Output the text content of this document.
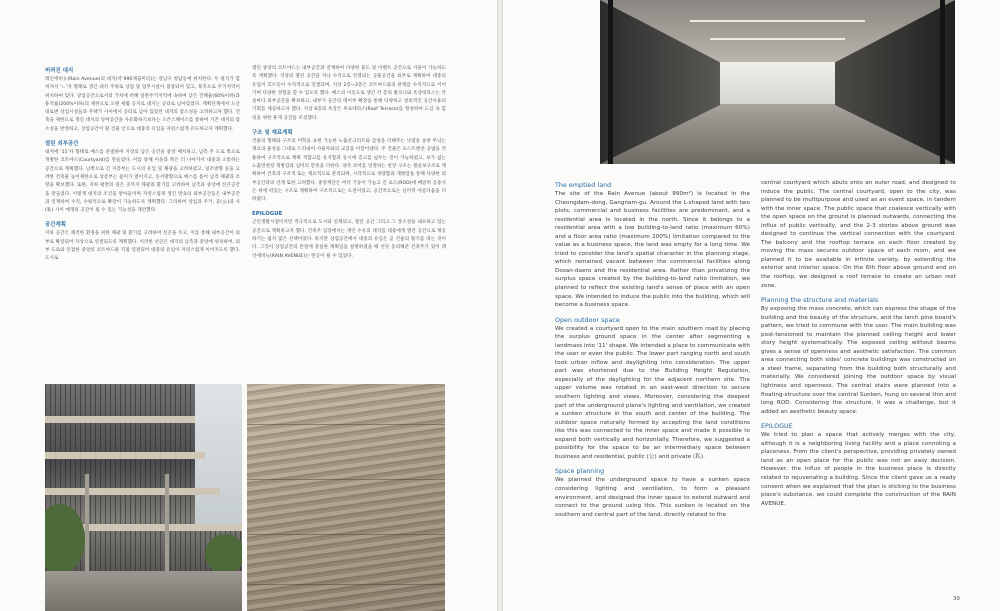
버려진 대지
레인에비뉴(Rain Avenue)의 대지(약 990제곱미터)는 강남구 청담동에 위치한다. 두 필지가 합쳐져서 'ㄴ'자 형태로 생긴 대지 주위로 상업 및 업무시설이 집중되어 있고, 북측으로 주거지역이 위치하여 있다. 상업공간으로서의 가치에 비해 일반주거지역에 속하여 낮은 건폐율(60%이하)과 용적률(200%이하)의 제한으로 오랜 세월 공지로 대지는 공터로 남아있었다. 계획단계에서 도산대로변 상업시설들과 주택가 사이에서 공터로 남아 있었던 대지의 잠소성을 고려하고자 했다. 건축을 제한으로 생긴 대지의 잉여공간을 사유화하기보다는 오픈스페이스를 통하여 기존 대지의 잠소성을 반영하고, 상업공간이 될 건물 안으로 대중의 유입을 자연스럽게 유도하고자 계획했다.
열린 외부공간
대지에 '11'자 형태로 매스를 분절하여 자상의 남은 공간을 중앙 배치하고, 남측 주 도로 쪽으로 개방한 코트야드(Courtyard)를 만들었다. 이를 통해 이웃과 쪽은 더 나아가서 대중과 소통하는 공간으로 계획했다. 남쪽으로 긴 지층부는 도시의 유입 및 채광을 고려하였고, 일조방향 등을 고려한 건축물 높이제한으로 상층부는 쉼이가 열어지고, 동서방향으로 매스를 틀어 남측 채광과 조망을 확보했다. 또한, 지하 평면의 깊은 곳까지 채광과 환기를 고려하여 남측과 중앙에 선큰공간을 만들었다. 이렇게 대지의 조건을 받아들이며 자연스럽게 생긴 면속의 외부공간들은 내부공간과 연계하여 수직, 수평적으로 확장이 가능하도록 계획했다. 그리하여 상업과 주거, 공(公)과 사(私) 사이 매개의 공간이 될 수 있는 가능성을 제안했다.
공간계획
지하 공간은 쾌적한 환경을 위한 채광 및 환기를 고려하여 선큰을 두고, 이를 통해 내부공간이 외부로 확장되어 자상으로 연결되도록 계획했다. 이러한 선큰은 대지의 남측과 중앙에 위치하여, 외부 도로와 인접한 중앙의 코트야드와 직접 연결되어 대중의 유입이 자연스럽게 이어지도록 했다. 도시로
열린 중앙의 코트야드는 내부공간과 연계하여 다양한 용도 및 이벤트 공간으로 사용이 가능하도록 계획했다. 지상의 열린 공간을 지나 수직으로 연결되는 공용공간을 외부로 계획하여 대중의 유입이 흐르듯이 수직적으로 연결되며, 지상 2층~3층은 코트야드와의 관계를 수직적으로 이어가며 다양한 경험을 할 수 있도록 했다. 매스의 이동으로 생긴 각 층의 발코니와 옥상테라스는 각 실마다 외부공간을 확보하고, 내부가 공간의 테이부 확장을 통해 다양하고 창의적인 공간사용의 기회를 제공하고자 했다. 지상 6층과 옥상은 루프테라스(Roof Terrace)를 형성하여 도심 속 힐링을 위한 휴게 공간을 조성했다.
구조 및 재료계획
건물의 형태와 구조의 미학을 표현 가능한 노출콘크리트와 감성을 더해주는 낙엽송 송판 무늬는 재료의 물성을 그대로 드러내어 사용자와의 교감을 이끌어낸다. 주 건물은 포스트텐션 공법을 적용하여 구조적으로 계획 적합고를 유지함과 동시에 층고를 넓두는 것이 가능하였고, 보가 없는 노출면천장 개방감과 심미의 만족을 더한다. 양측 코어를 연결하는 천장 구조는 철골보구조로 계획하여 건축과 구조적 또는 재료적으로 분리되며, 시각적으로 경량함과 개방감을 통해 다양한 외부공간과의 연계 또한 고려했다. 중앙계단은 여러 기둥이 가늘고 긴 로드(ROD)에 매달려 공중석은 위에 떠있는 구조로 계획하여 구조적으로는 도전이었고, 공간적으로는 심미적 아름다움을 더하였다.
EPILOGUE
근린생활시설이지만 적극적으로 도시와 연계되고, 열린 공간 그리고 그 장소성을 내포하고 있는 공간으로 계획하고자 했다. 건축주 입장에서는 개인 수유의 대지를 대중에게 열린 공간으로 제공하기는 쉽지 않은 선택이었다. 하지만 상업공간에서 대중의 유입은 곧 건물의 활기를 띠는 것이다. 그것이 상업공간의 본질에 충실한 계획임을 설명하였을 때 선뜻 동의해준 건축주가 있어 레인에비뉴(RAIN AVENUE)는 완공이 될 수 있었다.
The emptied land
The site of the Rain Avenue (about 990m²) is located in the Cheongdam-dong, Gangnam-gu. Around the L-shaped land with two plots, commercial and business facilities are predominant, and a residential area is located in the north. Since it belongs to a residential area with a low building-to-land ratio (maximum 60%) and a floor area ratio (maximum 200%) limitation compared to the value as a business space, the land was empty for a long time. We tried to consider the land's spatial character in the planning stage, which remained vacant between the commercial facilities along Dosan-daero and the residential area. Rather than privatizing the surplus space created by the building-to-land ratio limitation, we planned to reflect the existing land's sense of place with an open space. We intended to induce the public into the building, which will become a business space.
Open outdoor space
We created a courtyard open to the main southern road by placing the surplus ground space in the center after segmenting a landmass into '11' shape. We intended a place to communicate with the user or even the public. The lower part ranging north and south took urban inflow and daylighting into consideration. The upper part was shortened due to the Building Height Regulation, especially of the daylighting for the adjacent northern site. The upper volume was rotated in an east-west direction to secure southern lighting and views. Moreover, considering the deepest part of the underground plane's lighting and ventilation, we created a sunken structure in the south and center of the building. The outdoor space naturally formed by accepting the land conditions like this was connected to the inner space and made it possible to expand both vertically and horizontally. Therefore, we suggested a possibility for the space to be an intermediary space between business and residential, public (公) and private (私).
Space planning
We planned the underground space to have a sunken space considering lighting and ventilation, to form a pleasant environment, and designed the inner space to extend outward and connect to the ground using this. This sunken is located on the southern and central part of the land, directly related to the
central courtyard which abuts onto an outer road, and designed to induce the public. The central courtyard, open to the city, was planned to be multipurpose and used as an event space, in tandem with the inner space. The public space that coalesce vertically with the open space on the ground is planned outwards, connecting the influx of public vertically, and the 2-3 stories above ground was designed to continue the vertical connection with the courtyard. The balcony and the rooftop terrace on each floor created by moving the mass secures outdoor space of each room, and we planned it to be available in infinite variety, by extending the exterior and interior space. On the 6th floor above ground and on the rooftop, we designed a roof terrace to create an urban rest zone.
Planning the structure and materials
By exposing the mass concrete, which can express the shape of the building and the beauty of the structure, and the larch pine board's pattern, we tried to commune with the user. The main building was post-tensioned to maintain the planned ceiling height and lower story height systematically. The exposed ceiling without beams gives a sense of openness and aesthetic satisfaction. The common area connecting both sides' concrete buildings was constructed on a steel frame, separating from the building both structurally and materially. We considered joining the outdoor space by visual lightness and openness. The central stairs were planned into a floating-structure over the central Sunken, hung on several thin and long ROD. Considering the structure, it was a challenge, but it added an aesthetic beauty space.
EPILOGUE
We tried to plan a space that actively merges with the city, although it is a neighboring living facility and a place connoting a placeness. From the client's perspective, providing privately owned land as an open place for the public was not an easy decision. However, the influx of people in the business place is directly related to rejuvenating a building. Since the client gave us a ready consent when we explained that the plan is sticking to the business place's substance, we could complete the construction of the RAIN AVENUE.
39
